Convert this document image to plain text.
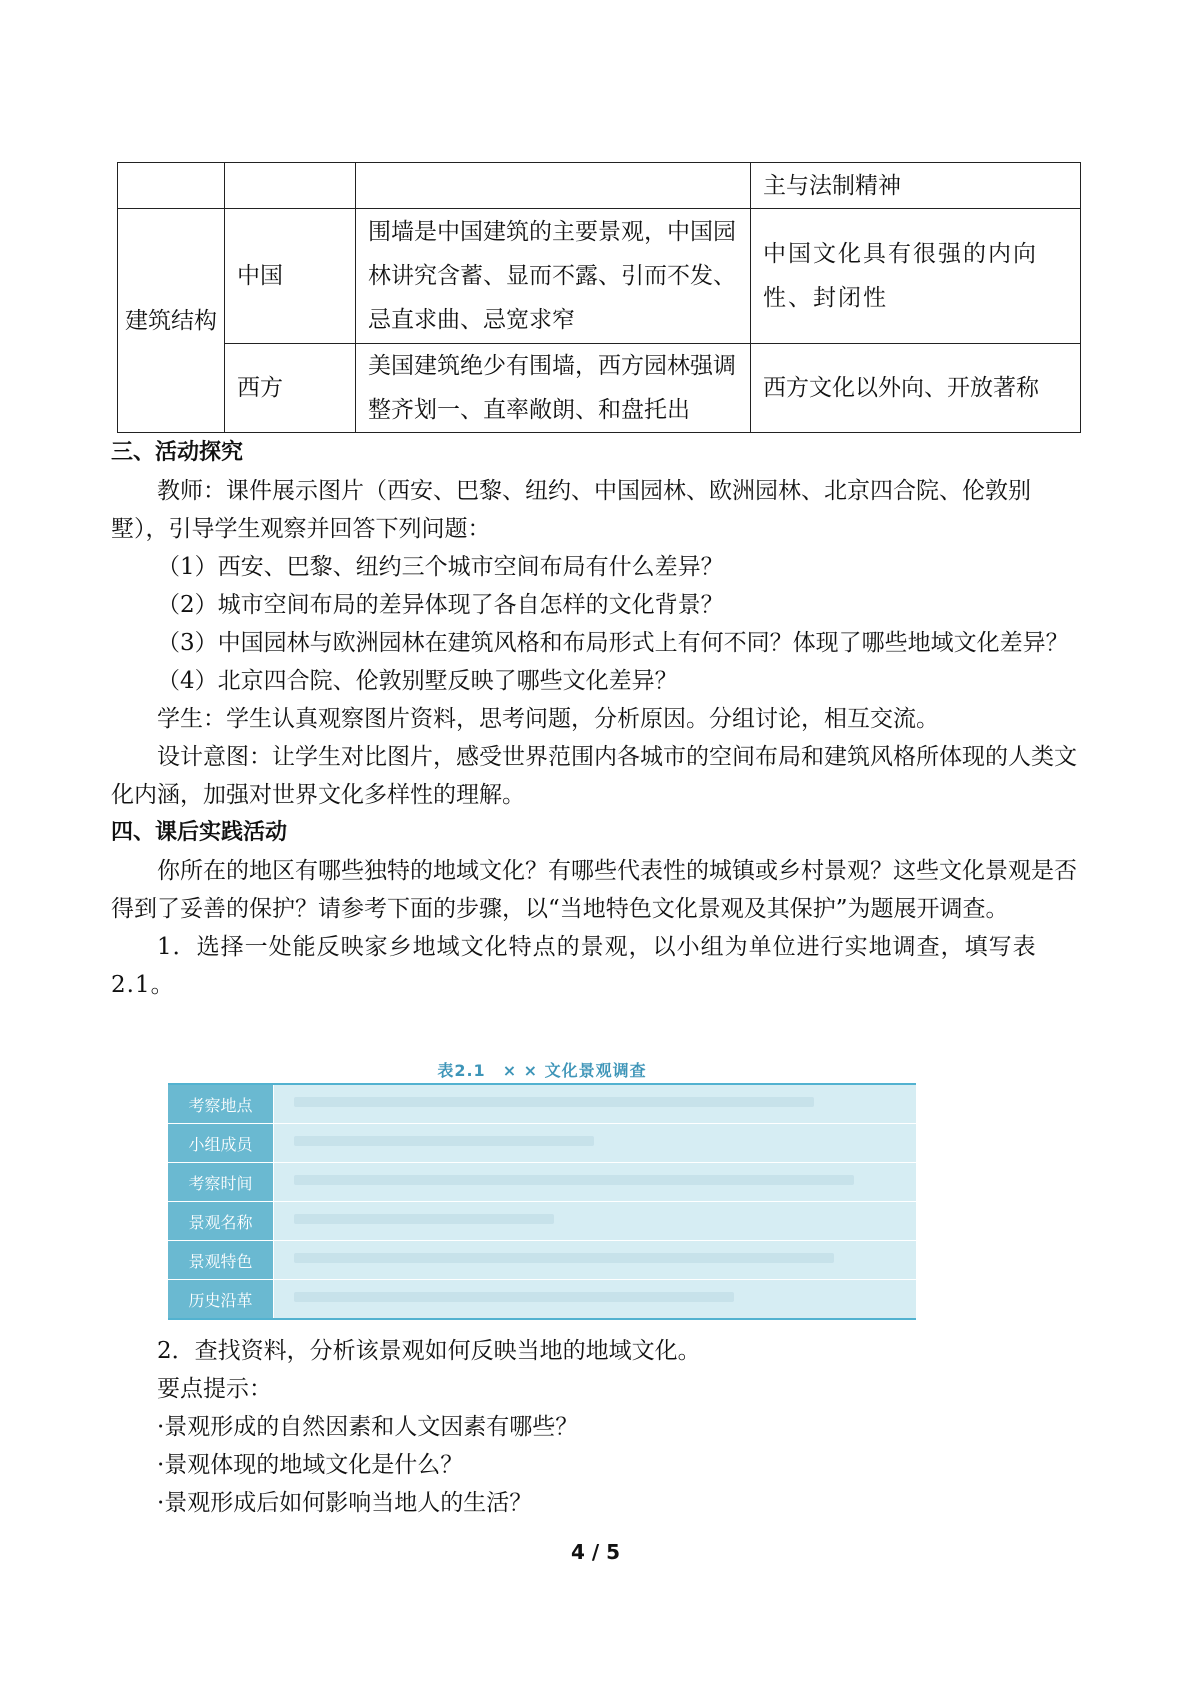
			主与法制精神
建筑结构	中国	围墙是中国建筑的主要景观，中国园林讲究含蓄、显而不露、引而不发、忌直求曲、忌宽求窄	中国文化具有很强的内向性、封闭性
	西方	美国建筑绝少有围墙，西方园林强调整齐划一、直率敞朗、和盘托出	西方文化以外向、开放著称

三、活动探究

教师：课件展示图片（西安、巴黎、纽约、中国园林、欧洲园林、北京四合院、伦敦别墅），引导学生观察并回答下列问题：

（1）西安、巴黎、纽约三个城市空间布局有什么差异？

（2）城市空间布局的差异体现了各自怎样的文化背景？

（3）中国园林与欧洲园林在建筑风格和布局形式上有何不同？体现了哪些地域文化差异？

（4）北京四合院、伦敦别墅反映了哪些文化差异？

学生：学生认真观察图片资料，思考问题，分析原因。分组讨论，相互交流。

设计意图：让学生对比图片，感受世界范围内各城市的空间布局和建筑风格所体现的人类文化内涵，加强对世界文化多样性的理解。

四、课后实践活动

你所在的地区有哪些独特的地域文化？有哪些代表性的城镇或乡村景观？这些文化景观是否得到了妥善的保护？请参考下面的步骤，以“当地特色文化景观及其保护”为题展开调查。

1．选择一处能反映家乡地域文化特点的景观，以小组为单位进行实地调查，填写表2.1。

表2.1　× × 文化景观调查
考察地点
小组成员
考察时间
景观名称
景观特色
历史沿革

2．查找资料，分析该景观如何反映当地的地域文化。

要点提示：

·景观形成的自然因素和人文因素有哪些？

·景观体现的地域文化是什么？

·景观形成后如何影响当地人的生活？

4 / 5
